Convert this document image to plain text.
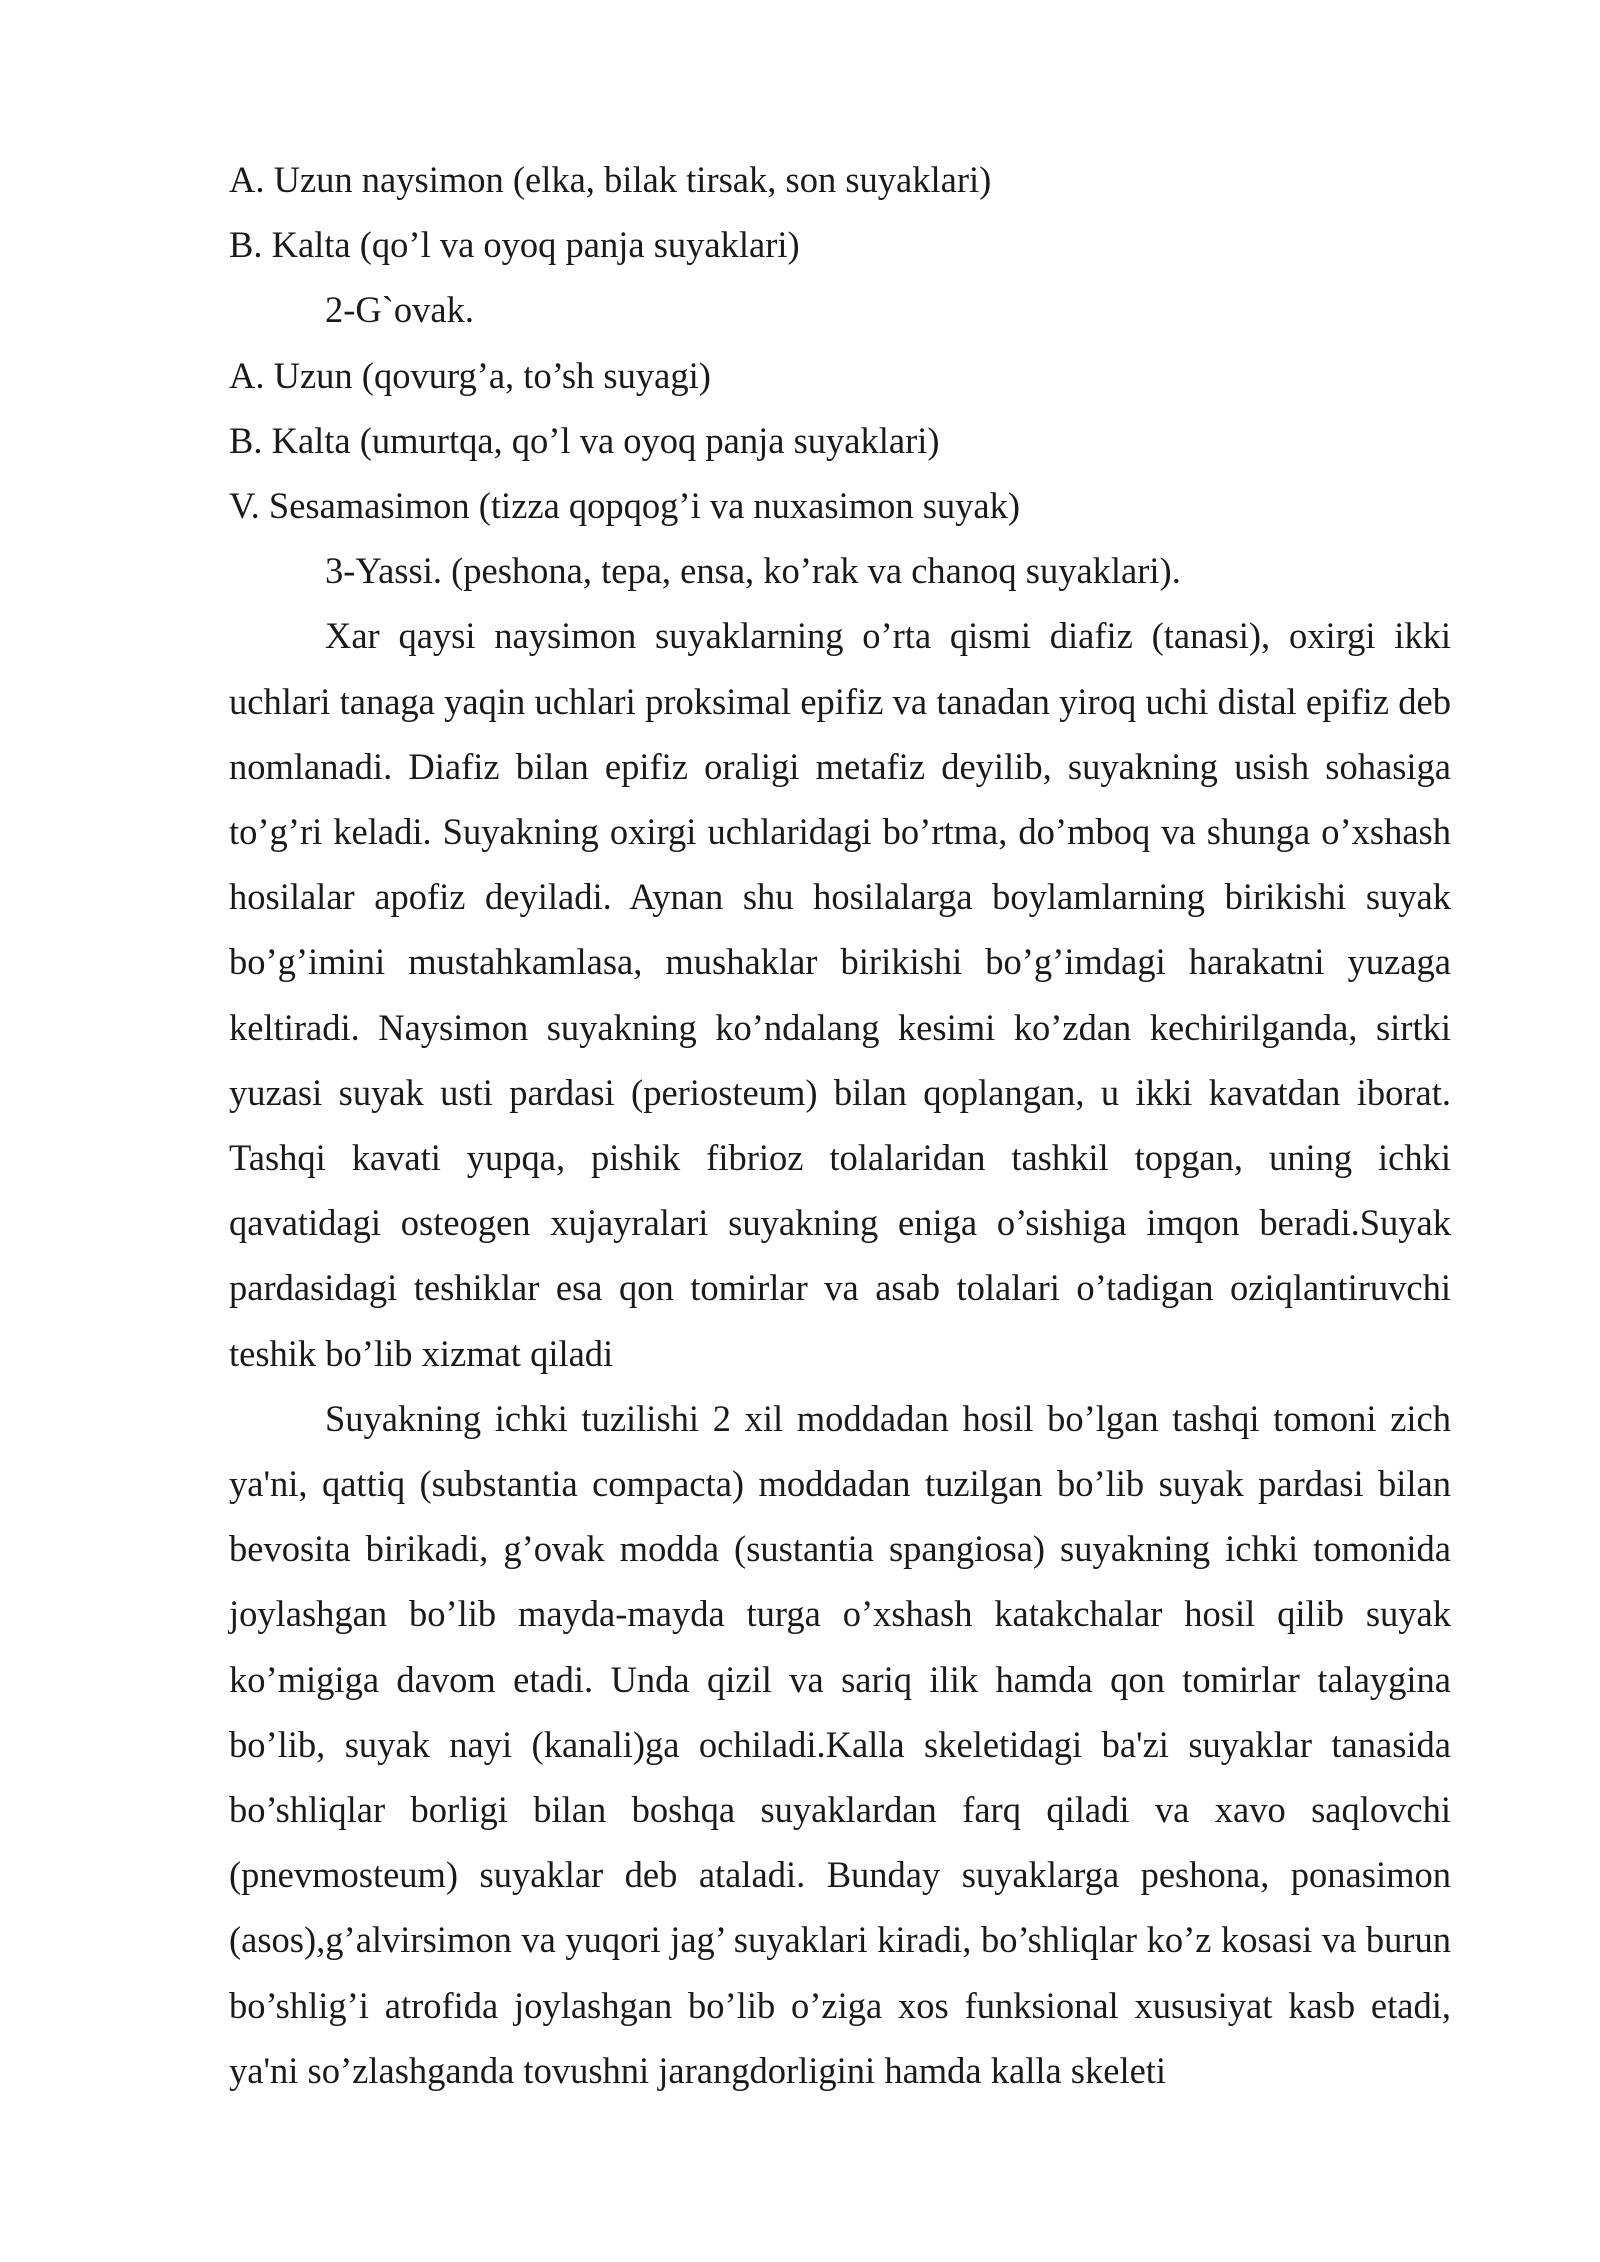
A. Uzun naysimon (elka, bilak tirsak, son suyaklari)

B. Kalta (qo’l va oyoq panja suyaklari)

2-G`ovak.

A. Uzun (qovurg’a, to’sh suyagi)

B. Kalta (umurtqa, qo’l va oyoq panja suyaklari)

V. Sesamasimon (tizza qopqog’i va nuxasimon suyak)

3-Yassi. (peshona, tepa, ensa, ko’rak va chanoq suyaklari).

Xar qaysi naysimon suyaklarning o’rta qismi diafiz (tanasi), oxirgi ikki uchlari tanaga yaqin uchlari proksimal epifiz va tanadan yiroq uchi distal epifiz deb nomlanadi. Diafiz bilan epifiz oraligi metafiz deyilib, suyakning usish sohasiga to’g’ri keladi. Suyakning oxirgi uchlaridagi bo’rtma, do’mboq va shunga o’xshash hosilalar apofiz deyiladi. Aynan shu hosilalarga boylamlarning birikishi suyak bo’g’imini mustahkamlasa, mushaklar birikishi bo’g’imdagi harakatni yuzaga keltiradi. Naysimon suyakning ko’ndalang kesimi ko’zdan kechirilganda, sirtki yuzasi suyak usti pardasi (periosteum) bilan qoplangan, u ikki kavatdan iborat. Tashqi kavati yupqa, pishik fibrioz tolalaridan tashkil topgan, uning ichki qavatidagi osteogen xujayralari suyakning eniga o’sishiga imqon beradi.Suyak pardasidagi teshiklar esa qon tomirlar va asab tolalari o’tadigan oziqlantiruvchi teshik bo’lib xizmat qiladi

Suyakning ichki tuzilishi 2 xil moddadan hosil bo’lgan tashqi tomoni zich ya'ni, qattiq (substantia compacta) moddadan tuzilgan bo’lib suyak pardasi bilan bevosita birikadi, g’ovak modda (sustantia spangiosa) suyakning ichki tomonida joylashgan bo’lib mayda-mayda turga o’xshash katakchalar hosil qilib suyak ko’migiga davom etadi. Unda qizil va sariq ilik hamda qon tomirlar talaygina bo’lib, suyak nayi (kanali)ga ochiladi.Kalla skeletidagi ba'zi suyaklar tanasida bo’shliqlar borligi bilan boshqa suyaklardan farq qiladi va xavo saqlovchi (pnevmosteum) suyaklar deb ataladi. Bunday suyaklarga peshona, ponasimon (asos),g’alvirsimon va yuqori jag’ suyaklari kiradi, bo’shliqlar ko’z kosasi va burun bo’shlig’i atrofida joylashgan bo’lib o’ziga xos funksional xususiyat kasb etadi, ya'ni so’zlashganda tovushni jarangdorligini hamda kalla skeleti
